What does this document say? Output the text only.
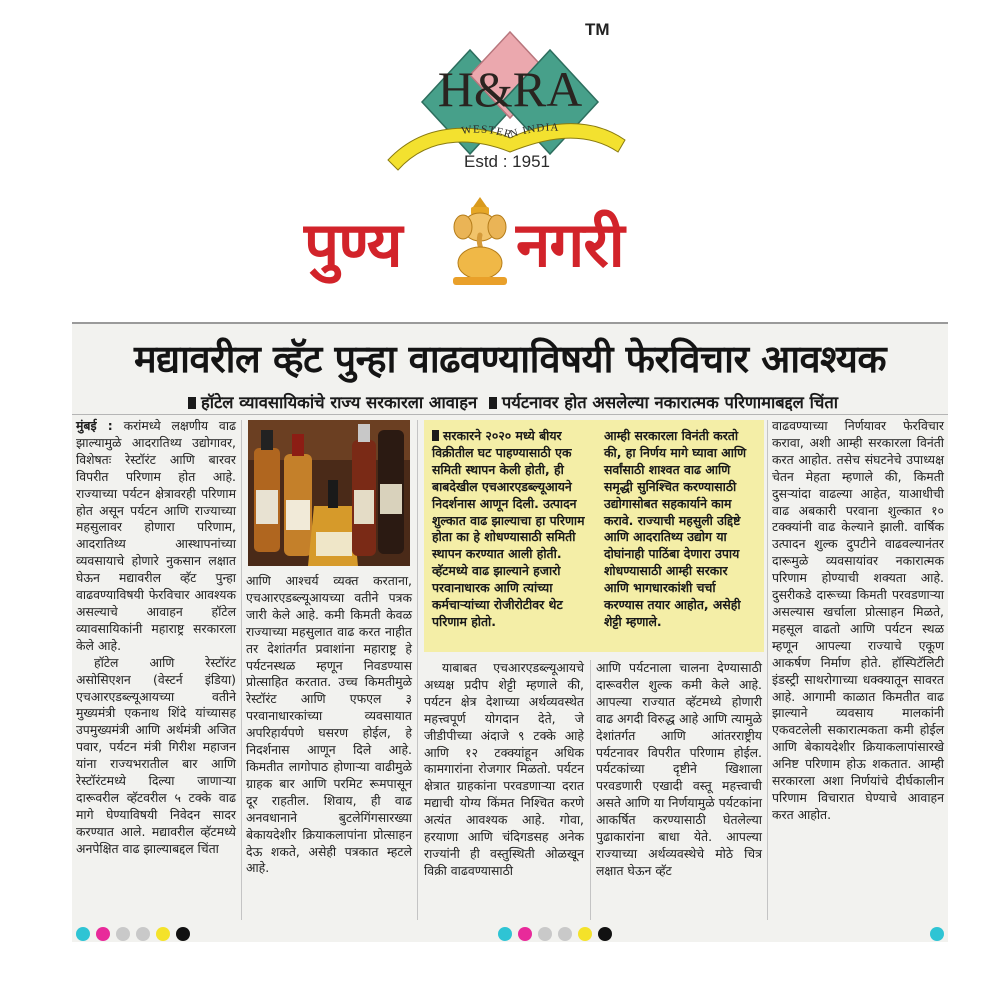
WESTERN INDIA
H&RA
TM
Estd : 1951
पुण्य नगरी
मद्यावरील व्हॅट पुन्हा वाढवण्याविषयी फेरविचार आवश्यक
हॉटेल व्यावसायिकांचे राज्य सरकारला आवाहन पर्यटनावर होत असलेल्या नकारात्मक परिणामाबद्दल चिंता

मुंबई : करांमध्ये लक्षणीय वाढ झाल्यामुळे आदरातिथ्य उद्योगावर, विशेषतः रेस्टॉरंट आणि बारवर विपरीत परिणाम होत आहे. राज्याच्या पर्यटन क्षेत्रावरही परिणाम होत असून पर्यटन आणि राज्याच्या महसुलावर होणारा परिणाम, आदरातिथ्य आस्थापनांच्या व्यवसायाचे होणारे नुकसान लक्षात घेऊन मद्यावरील व्हॅट पुन्हा वाढवण्याविषयी फेरविचार आवश्यक असल्याचे आवाहन हॉटेल व्यावसायिकांनी महाराष्ट्र सरकारला केले आहे.

हॉटेल आणि रेस्टॉरंट असोसिएशन (वेस्टर्न इंडिया) एचआरएडब्ल्यूआयच्या वतीने मुख्यमंत्री एकनाथ शिंदे यांच्यासह उपमुख्यमंत्री आणि अर्थमंत्री अजित पवार, पर्यटन मंत्री गिरीश महाजन यांना राज्यभरातील बार आणि रेस्टॉरंटमध्ये दिल्या जाणाऱ्या दारूवरील व्हॅटवरील ५ टक्के वाढ मागे घेण्याविषयी निवेदन सादर करण्यात आले. मद्यावरील व्हॅटमध्ये अनपेक्षित वाढ झाल्याबद्दल चिंता

आणि आश्चर्य व्यक्त करताना, एचआरएडब्ल्यूआयच्या वतीने पत्रक जारी केले आहे. कमी किमती केवळ राज्याच्या महसुलात वाढ करत नाहीत तर देशांतर्गत प्रवाशांना महाराष्ट्र हे पर्यटनस्थळ म्हणून निवडण्यास प्रोत्साहित करतात. उच्च किमतीमुळे रेस्टॉरंट आणि एफएल ३ परवानाधारकांच्या व्यवसायात अपरिहार्यपणे घसरण होईल, हे निदर्शनास आणून दिले आहे. किमतीत लागोपाठ होणाऱ्या वाढीमुळे ग्राहक बार आणि परमिट रूमपासून दूर राहतील. शिवाय, ही वाढ अनवधानाने बुटलेगिंगसारख्या बेकायदेशीर क्रियाकलापांना प्रोत्साहन देऊ शकते, असेही पत्रकात म्हटले आहे.

सरकारने २०२० मध्ये बीयर विक्रीतील घट पाहण्यासाठी एक समिती स्थापन केली होती, ही बाबदेखील एचआरएडब्ल्यूआयने निदर्शनास आणून दिली. उत्पादन शुल्कात वाढ झाल्याचा हा परिणाम होता का हे शोधण्यासाठी समिती स्थापन करण्यात आली होती. व्हॅटमध्ये वाढ झाल्याने हजारो परवानाधारक आणि त्यांच्या कर्मचाऱ्यांच्या रोजीरोटीवर थेट परिणाम होतो.

आम्ही सरकारला विनंती करतो की, हा निर्णय मागे घ्यावा आणि सर्वांसाठी शाश्वत वाढ आणि समृद्धी सुनिश्चित करण्यासाठी उद्योगासोबत सहकार्याने काम करावे. राज्याची महसुली उद्दिष्टे आणि आदरातिथ्य उद्योग या दोघांनाही पाठिंबा देणारा उपाय शोधण्यासाठी आम्ही सरकार आणि भागधारकांशी चर्चा करण्यास तयार आहोत, असेही शेट्टी म्हणाले.

याबाबत एचआरएडब्ल्यूआयचे अध्यक्ष प्रदीप शेट्टी म्हणाले की, पर्यटन क्षेत्र देशाच्या अर्थव्यवस्थेत महत्त्वपूर्ण योगदान देते, जे जीडीपीच्या अंदाजे ९ टक्के आहे आणि १२ टक्क्यांहून अधिक कामगारांना रोजगार मिळतो. पर्यटन क्षेत्रात ग्राहकांना परवडणाऱ्या दरात मद्याची योग्य किंमत निश्चित करणे अत्यंत आवश्यक आहे. गोवा, हरयाणा आणि चंदिगडसह अनेक राज्यांनी ही वस्तुस्थिती ओळखून विक्री वाढवण्यासाठी

आणि पर्यटनाला चालना देण्यासाठी दारूवरील शुल्क कमी केले आहे. आपल्या राज्यात व्हॅटमध्ये होणारी वाढ अगदी विरुद्ध आहे आणि त्यामुळे देशांतर्गत आणि आंतरराष्ट्रीय पर्यटनावर विपरीत परिणाम होईल. पर्यटकांच्या दृष्टीने खिशाला परवडणारी एखादी वस्तू महत्त्वाची असते आणि या निर्णयामुळे पर्यटकांना आकर्षित करण्यासाठी घेतलेल्या पुढाकारांना बाधा येते. आपल्या राज्याच्या अर्थव्यवस्थेचे मोठे चित्र लक्षात घेऊन व्हॅट

वाढवण्याच्या निर्णयावर फेरविचार करावा, अशी आम्ही सरकारला विनंती करत आहोत. तसेच संघटनेचे उपाध्यक्ष चेतन मेहता म्हणाले की, किमती दुसऱ्यांदा वाढल्या आहेत, याआधीची वाढ अबकारी परवाना शुल्कात १० टक्क्यांनी वाढ केल्याने झाली. वार्षिक उत्पादन शुल्क दुपटीने वाढवल्यानंतर दारूमुळे व्यवसायांवर नकारात्मक परिणाम होण्याची शक्यता आहे. दुसरीकडे दारूच्या किमती परवडणाऱ्या असल्यास खर्चाला प्रोत्साहन मिळते, महसूल वाढतो आणि पर्यटन स्थळ म्हणून आपल्या राज्याचे एकूण आकर्षण निर्माण होते. हॉस्पिटॅलिटी इंडस्ट्री साथरोगाच्या धक्क्यातून सावरत आहे. आगामी काळात किमतीत वाढ झाल्याने व्यवसाय मालकांनी एकवटलेली सकारात्मकता कमी होईल आणि बेकायदेशीर क्रियाकलापांसारखे अनिष्ट परिणाम होऊ शकतात. आम्ही सरकारला अशा निर्णयांचे दीर्घकालीन परिणाम विचारात घेण्याचे आवाहन करत आहोत.
